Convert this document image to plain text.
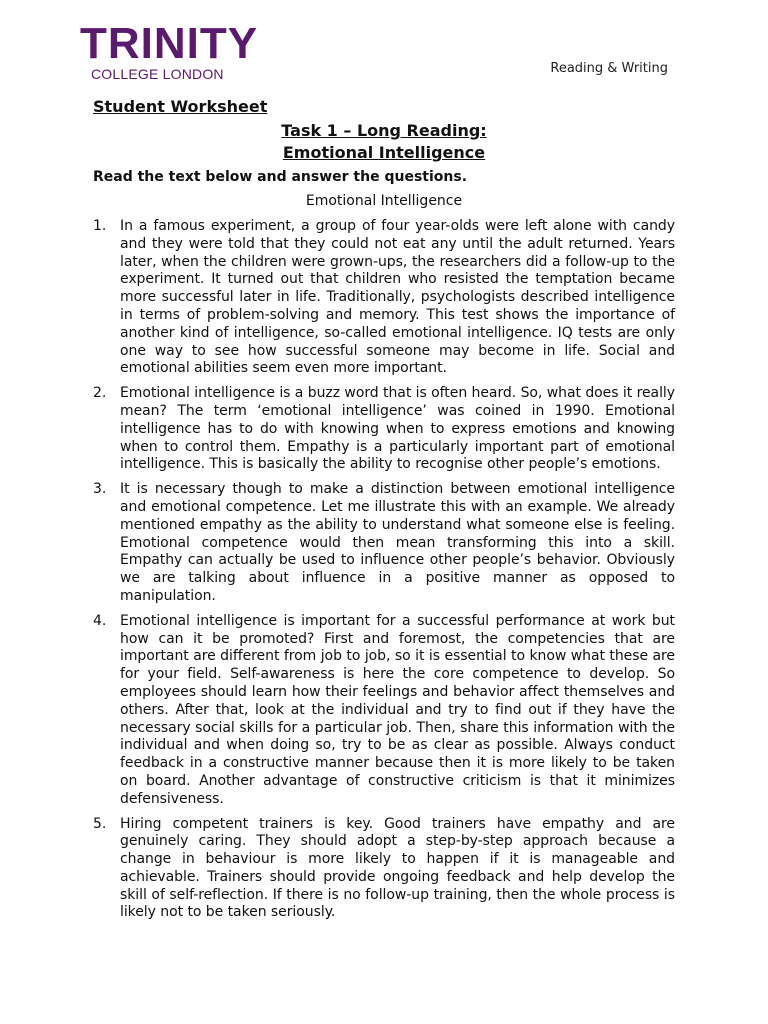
TRINITY
COLLEGE LONDON	Reading & Writing
Student Worksheet
Task 1 – Long Reading:
Emotional Intelligence
Read the text below and answer the questions.
Emotional Intelligence
1. In a famous experiment, a group of four year-olds were left alone with candy and they were told that they could not eat any until the adult returned. Years later, when the children were grown-ups, the researchers did a follow-up to the experiment. It turned out that children who resisted the temptation became more successful later in life. Traditionally, psychologists described intelligence in terms of problem-solving and memory. This test shows the importance of another kind of intelligence, so-called emotional intelligence. IQ tests are only one way to see how successful someone may become in life. Social and emotional abilities seem even more important.
2. Emotional intelligence is a buzz word that is often heard. So, what does it really mean? The term ‘emotional intelligence’ was coined in 1990. Emotional intelligence has to do with knowing when to express emotions and knowing when to control them. Empathy is a particularly important part of emotional intelligence. This is basically the ability to recognise other people’s emotions.
3. It is necessary though to make a distinction between emotional intelligence and emotional competence. Let me illustrate this with an example. We already mentioned empathy as the ability to understand what someone else is feeling. Emotional competence would then mean transforming this into a skill. Empathy can actually be used to influence other people’s behavior. Obviously we are talking about influence in a positive manner as opposed to manipulation.
4. Emotional intelligence is important for a successful performance at work but how can it be promoted? First and foremost, the competencies that are important are different from job to job, so it is essential to know what these are for your field. Self-awareness is here the core competence to develop. So employees should learn how their feelings and behavior affect themselves and others. After that, look at the individual and try to find out if they have the necessary social skills for a particular job. Then, share this information with the individual and when doing so, try to be as clear as possible. Always conduct feedback in a constructive manner because then it is more likely to be taken on board. Another advantage of constructive criticism is that it minimizes defensiveness.
5. Hiring competent trainers is key. Good trainers have empathy and are genuinely caring. They should adopt a step-by-step approach because a change in behaviour is more likely to happen if it is manageable and achievable. Trainers should provide ongoing feedback and help develop the skill of self-reflection. If there is no follow-up training, then the whole process is likely not to be taken seriously.
